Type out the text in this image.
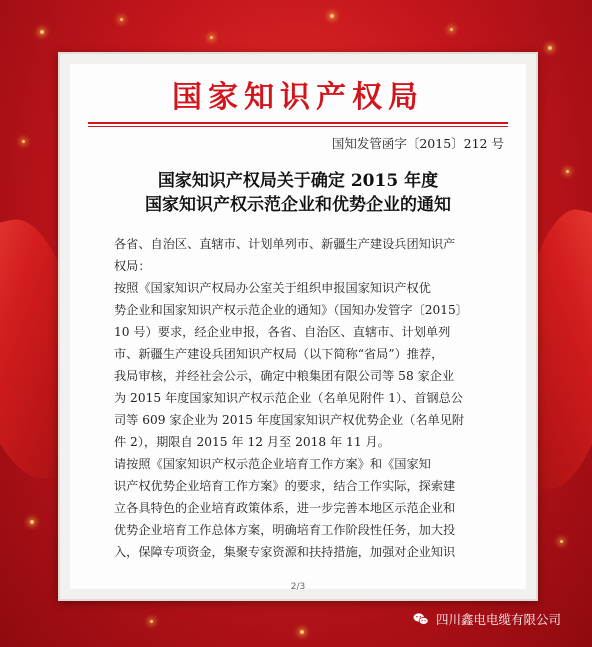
国家知识产权局
国知发管函字〔2015〕212 号
国家知识产权局关于确定 2015 年度
国家知识产权示范企业和优势企业的通知
各省、自治区、直辖市、计划单列市、新疆生产建设兵团知识产
权局：
按照《国家知识产权局办公室关于组织申报国家知识产权优
势企业和国家知识产权示范企业的通知》（国知办发管字〔2015〕
10 号）要求，经企业申报，各省、自治区、直辖市、计划单列
市、新疆生产建设兵团知识产权局（以下简称“省局”）推荐，
我局审核，并经社会公示，确定中粮集团有限公司等 58 家企业
为 2015 年度国家知识产权示范企业（名单见附件 1）、首钢总公
司等 609 家企业为 2015 年度国家知识产权优势企业（名单见附
件 2），期限自 2015 年 12 月至 2018 年 11 月。
请按照《国家知识产权示范企业培育工作方案》和《国家知
识产权优势企业培育工作方案》的要求，结合工作实际，探索建
立各具特色的企业培育政策体系，进一步完善本地区示范企业和
优势企业培育工作总体方案，明确培育工作阶段性任务，加大投
入，保障专项资金，集聚专家资源和扶持措施，加强对企业知识
2/3
四川鑫电电缆有限公司
